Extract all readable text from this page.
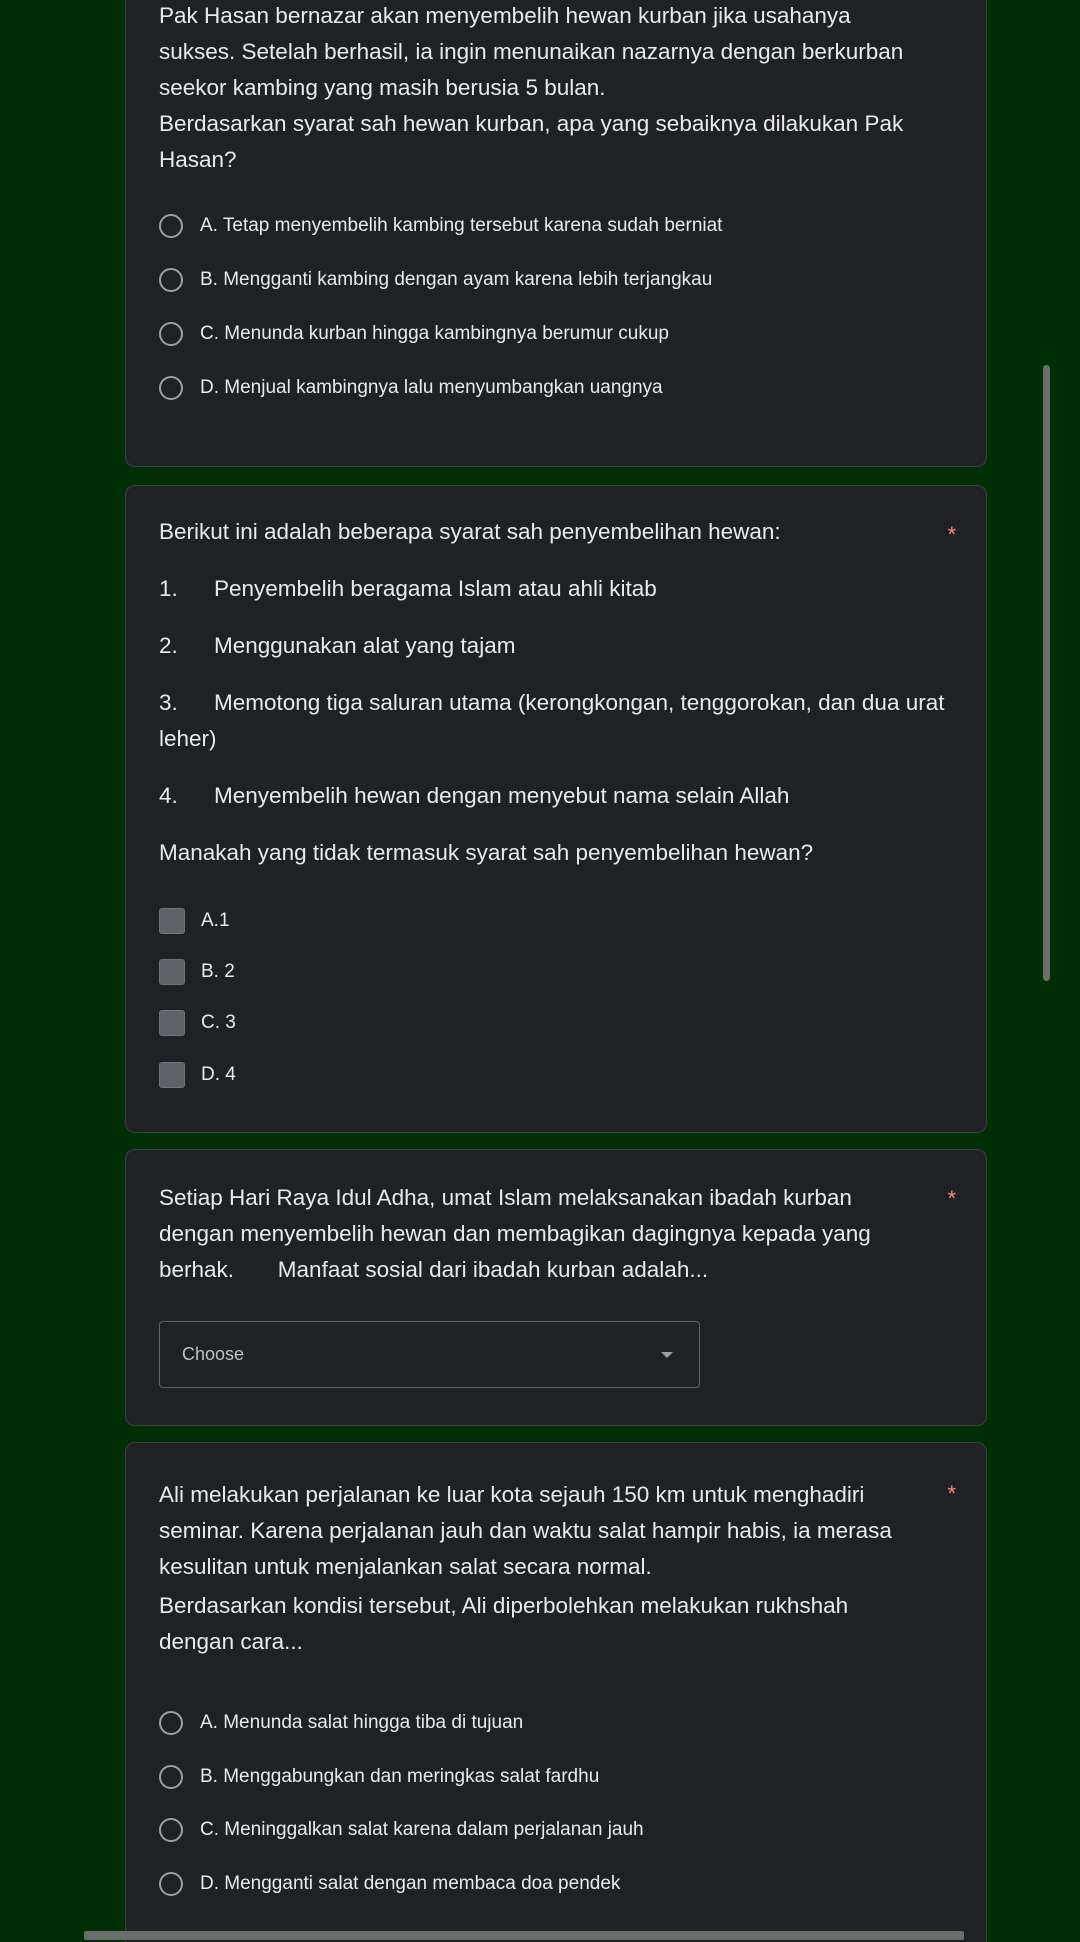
Pak Hasan bernazar akan menyembelih hewan kurban jika usahanya
sukses. Setelah berhasil, ia ingin menunaikan nazarnya dengan berkurban
seekor kambing yang masih berusia 5 bulan.

Berdasarkan syarat sah hewan kurban, apa yang sebaiknya dilakukan Pak
Hasan?

A. Tetap menyembelih kambing tersebut karena sudah berniat
B. Mengganti kambing dengan ayam karena lebih terjangkau
C. Menunda kurban hingga kambingnya berumur cukup
D. Menjual kambingnya lalu menyumbangkan uangnya

Berikut ini adalah beberapa syarat sah penyembelihan hewan:	*
1. Penyembelih beragama Islam atau ahli kitab
2. Menggunakan alat yang tajam
3. Memotong tiga saluran utama (kerongkongan, tenggorokan, dan dua urat leher)
4. Menyembelih hewan dengan menyebut nama selain Allah

Manakah yang tidak termasuk syarat sah penyembelihan hewan?

A.1
B. 2
C. 3
D. 4

Setiap Hari Raya Idul Adha, umat Islam melaksanakan ibadah kurban
dengan menyembelih hewan dan membagikan dagingnya kepada yang
berhak.       Manfaat sosial dari ibadah kurban adalah...

*
Choose

Ali melakukan perjalanan ke luar kota sejauh 150 km untuk menghadiri
seminar. Karena perjalanan jauh dan waktu salat hampir habis, ia merasa
kesulitan untuk menjalankan salat secara normal.

*

Berdasarkan kondisi tersebut, Ali diperbolehkan melakukan rukhshah
dengan cara...

A. Menunda salat hingga tiba di tujuan
B. Menggabungkan dan meringkas salat fardhu
C. Meninggalkan salat karena dalam perjalanan jauh
D. Mengganti salat dengan membaca doa pendek
